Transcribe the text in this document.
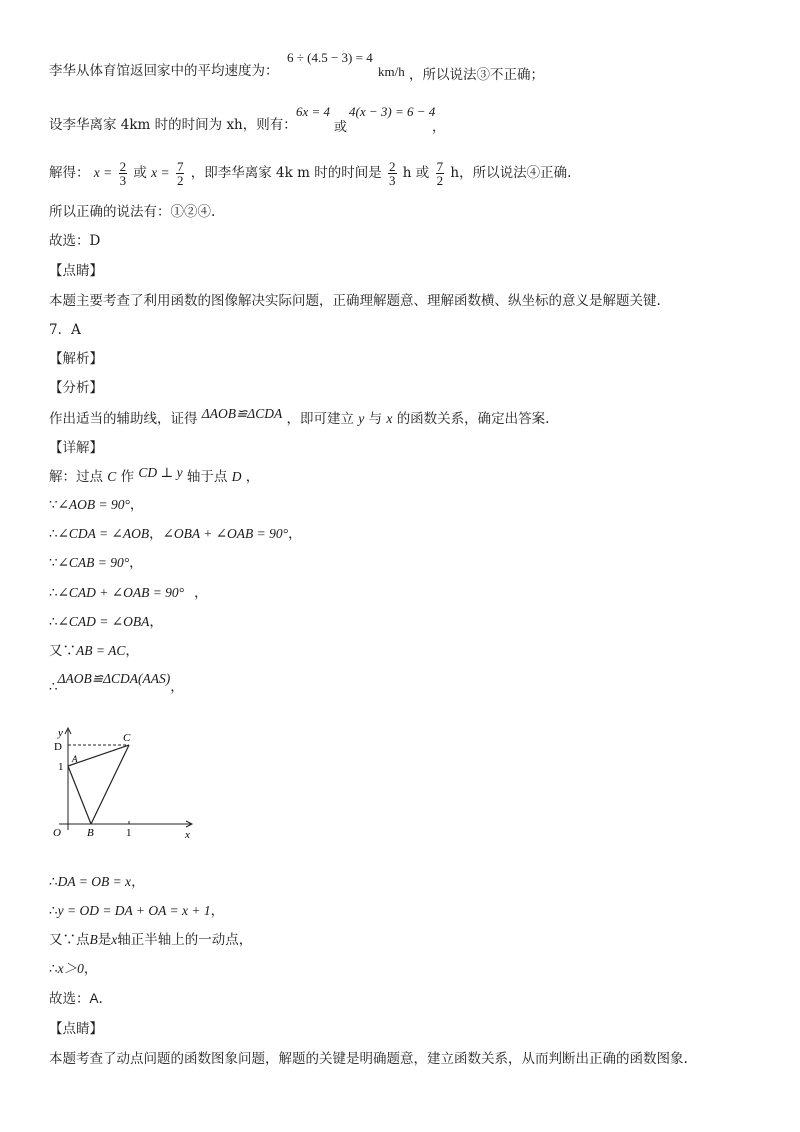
李华从体育馆返回家中的平均速度为：
6 ÷ (4.5 − 3) = 4
km/h ，所以说法③不正确；
设李华离家 4km 时的时间为 xh，则有：
6x = 4
或
4(x − 3) = 6 − 4
，
解得： $x = \frac{2}{3}$ 或 $x = \frac{7}{2}$ ，即李华离家 4k m 时的时间是 $\frac{2}{3}$ h 或 $\frac{7}{2}$ h，所以说法④正确.
所以正确的说法有：①②④.
故选：D
【点睛】
本题主要考查了利用函数的图像解决实际问题，正确理解题意、理解函数横、纵坐标的意义是解题关键.
7．A
【解析】
【分析】
作出适当的辅助线，证得 ΔAOB≌ΔCDA ，即可建立 y 与 x 的函数关系，确定出答案.
【详解】
解：过点 C 作 CD ⊥ y 轴于点 D ，
∵∠AOB = 90°，
∴∠CDA = ∠AOB，∠OBA + ∠OAB = 90°，
∵∠CAB = 90°，
∴∠CAD + ∠OAB = 90° ，
∴∠CAD = ∠OBA，
又∵AB = AC，
∴ΔAOB≌ΔCDA(AAS)，
y
D
C
1
A
O B	1	x
∴DA = OB = x，
∴y = OD = DA + OA = x + 1，
又∵点B是x轴正半轴上的一动点，
∴x＞0，
故选：A.
【点睛】
本题考查了动点问题的函数图象问题，解题的关键是明确题意，建立函数关系，从而判断出正确的函数图象.
